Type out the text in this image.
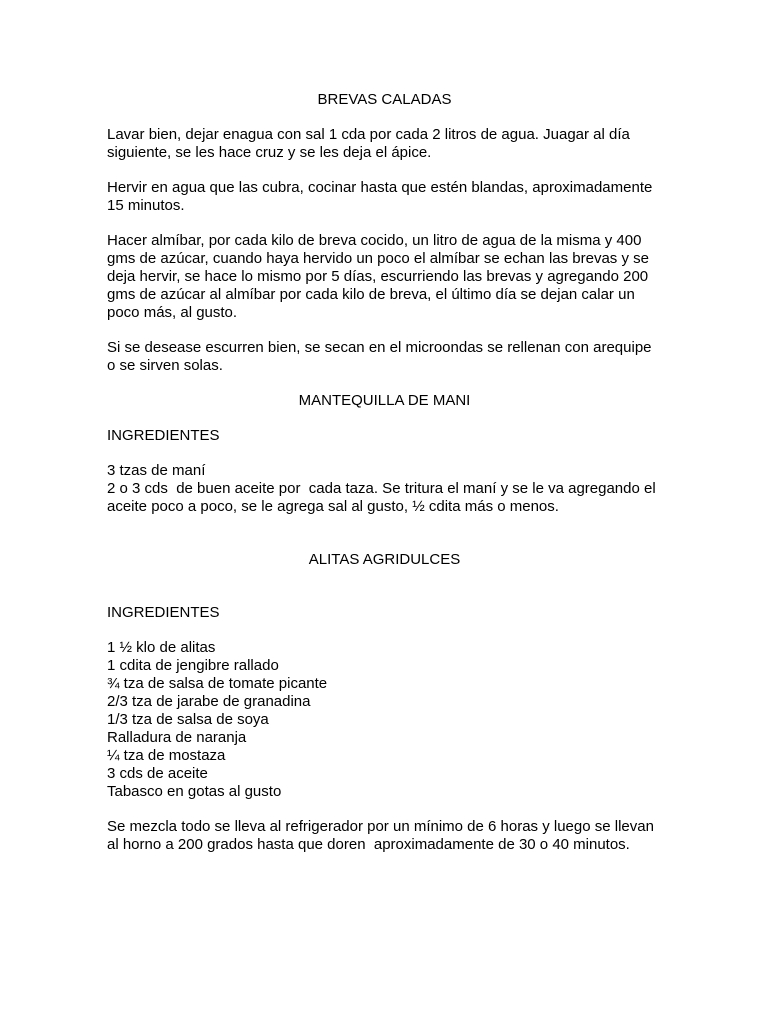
BREVAS CALADAS
Lavar bien, dejar enagua con sal 1 cda por cada 2 litros de agua. Juagar al día
siguiente, se les hace cruz y se les deja el ápice.
Hervir en agua que las cubra, cocinar hasta que estén blandas, aproximadamente
15 minutos.
Hacer almíbar, por cada kilo de breva cocido, un litro de agua de la misma y 400
gms de azúcar, cuando haya hervido un poco el almíbar se echan las brevas y se
deja hervir, se hace lo mismo por 5 días, escurriendo las brevas y agregando 200
gms de azúcar al almíbar por cada kilo de breva, el último día se dejan calar un
poco más, al gusto.
Si se desease escurren bien, se secan en el microondas se rellenan con arequipe
o se sirven solas.
MANTEQUILLA DE MANI
INGREDIENTES
3 tzas de maní
2 o 3 cds  de buen aceite por  cada taza. Se tritura el maní y se le va agregando el
aceite poco a poco, se le agrega sal al gusto, ½ cdita más o menos.
ALITAS AGRIDULCES
INGREDIENTES
1 ½ klo de alitas
1 cdita de jengibre rallado
¾ tza de salsa de tomate picante
2/3 tza de jarabe de granadina
1/3 tza de salsa de soya
Ralladura de naranja
¼ tza de mostaza
3 cds de aceite
Tabasco en gotas al gusto
Se mezcla todo se lleva al refrigerador por un mínimo de 6 horas y luego se llevan
al horno a 200 grados hasta que doren  aproximadamente de 30 o 40 minutos.
